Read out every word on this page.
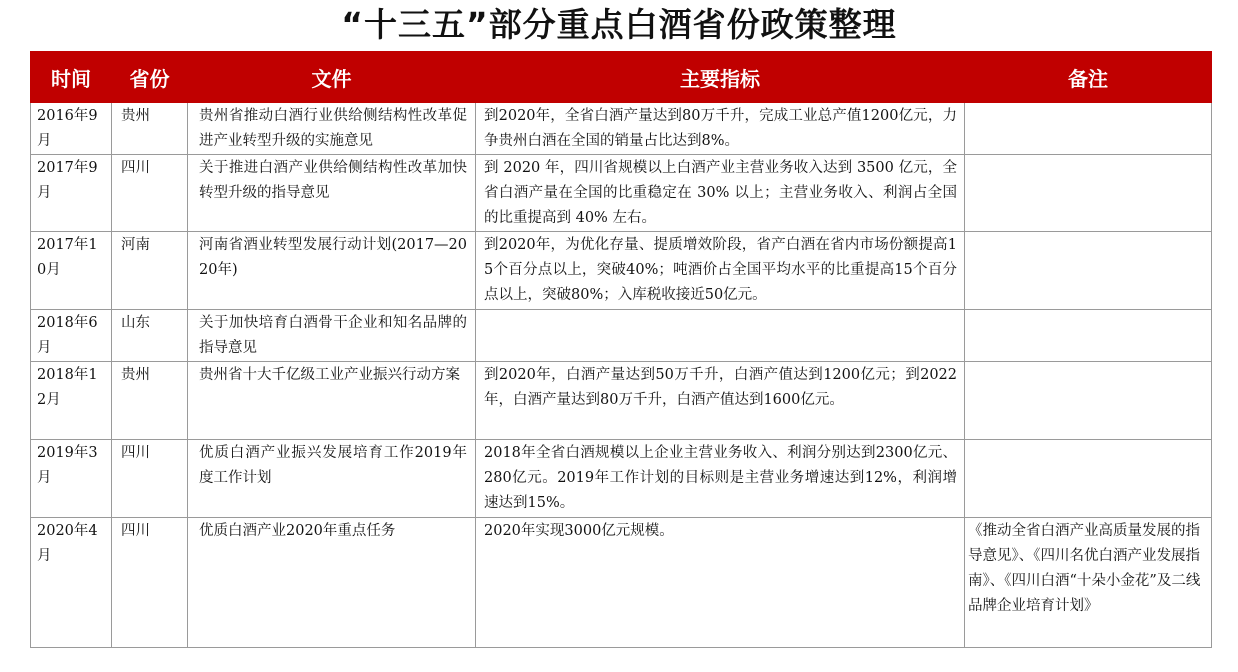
“十三五”部分重点白酒省份政策整理
时间	省份	文件	主要指标	备注
2016年9月	贵州	贵州省推动白酒行业供给侧结构性改革促进产业转型升级的实施意见	到2020年，全省白酒产量达到80万千升，完成工业总产值1200亿元，力争贵州白酒在全国的销量占比达到8%。	
2017年9月	四川	关于推进白酒产业供给侧结构性改革加快转型升级的指导意见	到 2020 年，四川省规模以上白酒产业主营业务收入达到 3500 亿元，全省白酒产量在全国的比重稳定在 30% 以上；主营业务收入、利润占全国的比重提高到 40% 左右。	
2017年10月	河南	河南省酒业转型发展行动计划(2017—2020年)	到2020年，为优化存量、提质增效阶段，省产白酒在省内市场份额提高15个百分点以上，突破40%；吨酒价占全国平均水平的比重提高15个百分点以上，突破80%；入库税收接近50亿元。	
2018年6月	山东	关于加快培育白酒骨干企业和知名品牌的指导意见		
2018年12月	贵州	贵州省十大千亿级工业产业振兴行动方案	到2020年，白酒产量达到50万千升，白酒产值达到1200亿元；到2022年，白酒产量达到80万千升，白酒产值达到1600亿元。	
2019年3月	四川	优质白酒产业振兴发展培育工作2019年度工作计划	2018年全省白酒规模以上企业主营业务收入、利润分别达到2300亿元、280亿元。2019年工作计划的目标则是主营业务增速达到12%，利润增速达到15%。	
2020年4月	四川	优质白酒产业2020年重点任务	2020年实现3000亿元规模。	《推动全省白酒产业高质量发展的指导意见》、《四川名优白酒产业发展指南》、《四川白酒“十朵小金花”及二线品牌企业培育计划》
